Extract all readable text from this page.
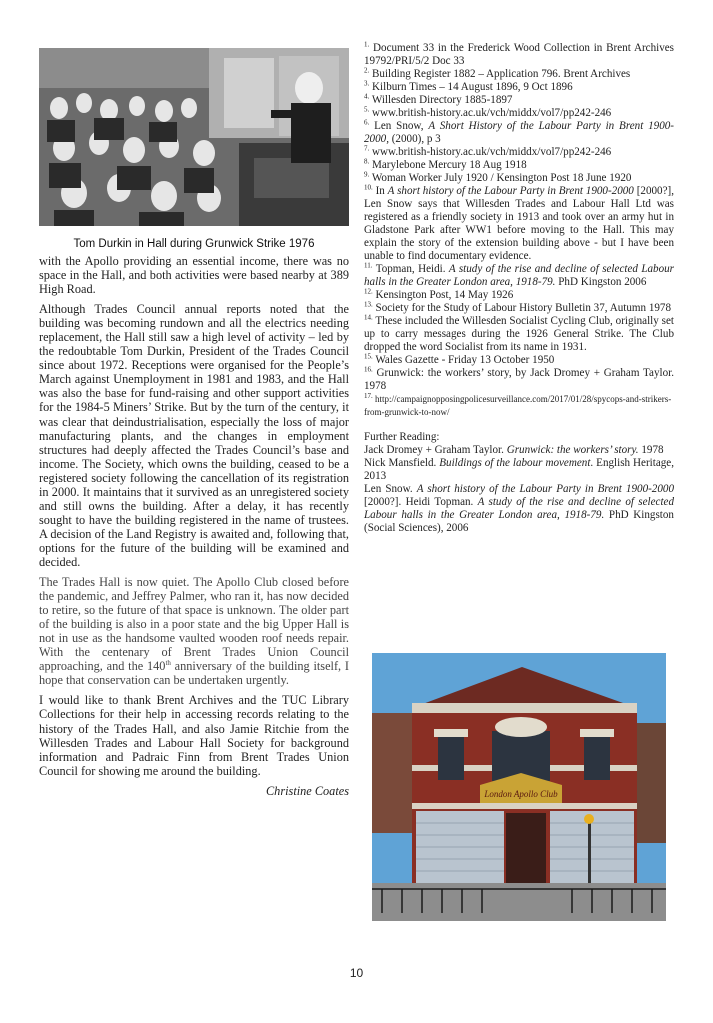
Tom Durkin in Hall during Grunwick Strike 1976

with the Apollo providing an essential income, there was no space in the Hall, and both activities were based nearby at 389 High Road.

Although Trades Council annual reports noted that the building was becoming rundown and all the electrics needing replacement, the Hall still saw a high level of activity – led by the redoubtable Tom Durkin, President of the Trades Council since about 1972. Receptions were organised for the People’s March against Unemployment in 1981 and 1983, and the Hall was also the base for fund-raising and other support activities for the 1984-5 Miners’ Strike. But by the turn of the century, it was clear that deindustrialisation, especially the loss of major manufacturing plants, and the changes in employment structures had deeply affected the Trades Council’s base and income. The Society, which owns the building, ceased to be a registered society following the cancellation of its registration in 2000. It maintains that it survived as an unregistered society and still owns the building. After a delay, it has recently sought to have the building registered in the name of trustees. A decision of the Land Registry is awaited and, following that, options for the future of the building will be examined and decided.

The Trades Hall is now quiet. The Apollo Club closed before the pandemic, and Jeffrey Palmer, who ran it, has now decided to retire, so the future of that space is unknown. The older part of the building is also in a poor state and the big Upper Hall is not in use as the handsome vaulted wooden roof needs repair. With the centenary of Brent Trades Union Council approaching, and the 140th anniversary of the building itself, I hope that conservation can be undertaken urgently.

I would like to thank Brent Archives and the TUC Library Collections for their help in accessing records relating to the history of the Trades Hall, and also Jamie Ritchie from the Willesden Trades and Labour Hall Society for background information and Padraic Finn from Brent Trades Union Council for showing me around the building.

Christine Coates

$^{1.}$ Document 33 in the Frederick Wood Collection in Brent Archives 19792/PRI/5/2 Doc 33

$^{2.}$ Building Register 1882 – Application 796. Brent Archives

$^{3.}$ Kilburn Times – 14 August 1896, 9 Oct 1896

$^{4.}$ Willesden Directory 1885-1897

$^{5.}$ www.british-history.ac.uk/vch/middx/vol7/pp242-246

$^{6.}$ Len Snow, A Short History of the Labour Party in Brent 1900-2000, (2000), p 3

$^{7.}$ www.british-history.ac.uk/vch/middx/vol7/pp242-246

$^{8.}$ Marylebone Mercury 18 Aug 1918

$^{9.}$ Woman Worker July 1920 / Kensington Post 18 June 1920

$^{10.}$ In A short history of the Labour Party in Brent 1900-2000 [2000?], Len Snow says that Willesden Trades and Labour Hall Ltd was registered as a friendly society in 1913 and took over an army hut in Gladstone Park after WW1 before moving to the Hall. This may explain the story of the extension building above - but I have been unable to find documentary evidence.

$^{11.}$ Topman, Heidi. A study of the rise and decline of selected Labour halls in the Greater London area, 1918-79. PhD Kingston 2006

$^{12.}$ Kensington Post, 14 May 1926

$^{13.}$ Society for the Study of Labour History Bulletin 37, Autumn 1978

$^{14.}$ These included the Willesden Socialist Cycling Club, originally set up to carry messages during the 1926 General Strike. The Club dropped the word Socialist from its name in 1931.

$^{15.}$ Wales Gazette - Friday 13 October 1950

$^{16.}$ Grunwick: the workers’ story, by Jack Dromey + Graham Taylor. 1978

$^{17.}$ http://campaignopposingpolicesurveillance.com/2017/01/28/spycops-and-strikers-from-grunwick-to-now/

Further Reading:
Jack Dromey + Graham Taylor. Grunwick: the workers’ story. 1978
Nick Mansfield. Buildings of the labour movement. English Heritage, 2013
Len Snow. A short history of the Labour Party in Brent 1900-2000 [2000?]. Heidi Topman. A study of the rise and decline of selected Labour halls in the Greater London area, 1918-79. PhD Kingston (Social Sciences), 2006
London Apollo Club
10
